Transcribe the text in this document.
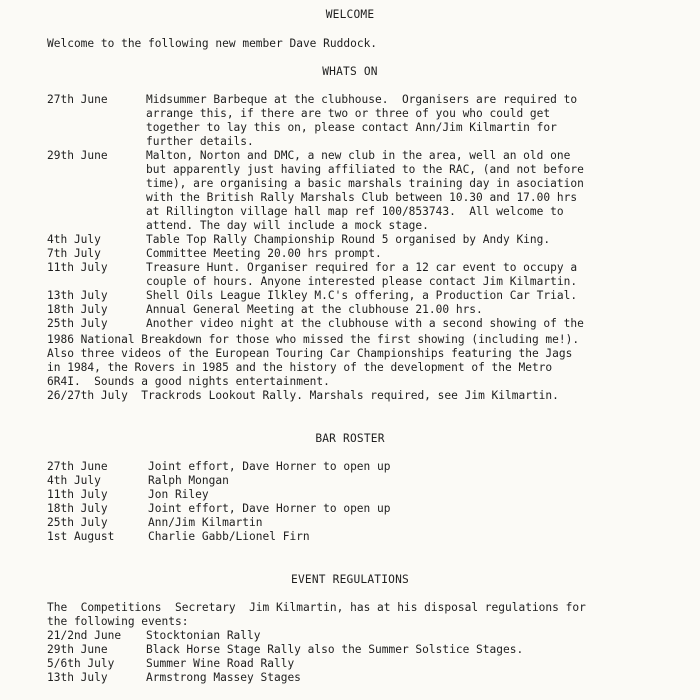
WELCOME
Welcome to the following new member Dave Ruddock.
WHATS ON
27th June	Midsummer Barbeque at the clubhouse.  Organisers are required to
arrange this, if there are two or three of you who could get
together to lay this on, please contact Ann/Jim Kilmartin for
further details.
29th June	Malton, Norton and DMC, a new club in the area, well an old one
but apparently just having affiliated to the RAC, (and not before
time), are organising a basic marshals training day in asociation
with the British Rally Marshals Club between 10.30 and 17.00 hrs
at Rillington village hall map ref 100/853743.  All welcome to
attend. The day will include a mock stage.
4th July	Table Top Rally Championship Round 5 organised by Andy King.
7th July	Committee Meeting 20.00 hrs prompt.
11th July	Treasure Hunt. Organiser required for a 12 car event to occupy a
couple of hours. Anyone interested please contact Jim Kilmartin.
13th July	Shell Oils League Ilkley M.C's offering, a Production Car Trial.
18th July	Annual General Meeting at the clubhouse 21.00 hrs.
25th July	Another video night at the clubhouse with a second showing of the
1986 National Breakdown for those who missed the first showing (including me!).
Also three videos of the European Touring Car Championships featuring the Jags
in 1984, the Rovers in 1985 and the history of the development of the Metro
6R4I.  Sounds a good nights entertainment.
26/27th July  Trackrods Lookout Rally. Marshals required, see Jim Kilmartin.
BAR ROSTER
27th June	Joint effort, Dave Horner to open up
4th July	Ralph Mongan
11th July	Jon Riley
18th July	Joint effort, Dave Horner to open up
25th July	Ann/Jim Kilmartin
1st August	Charlie Gabb/Lionel Firn
EVENT REGULATIONS
The  Competitions  Secretary  Jim Kilmartin, has at his disposal regulations for
the following events:
21/2nd June Stocktonian Rally
29th June	Black Horse Stage Rally also the Summer Solstice Stages.
5/6th July	Summer Wine Road Rally
13th July	Armstrong Massey Stages
